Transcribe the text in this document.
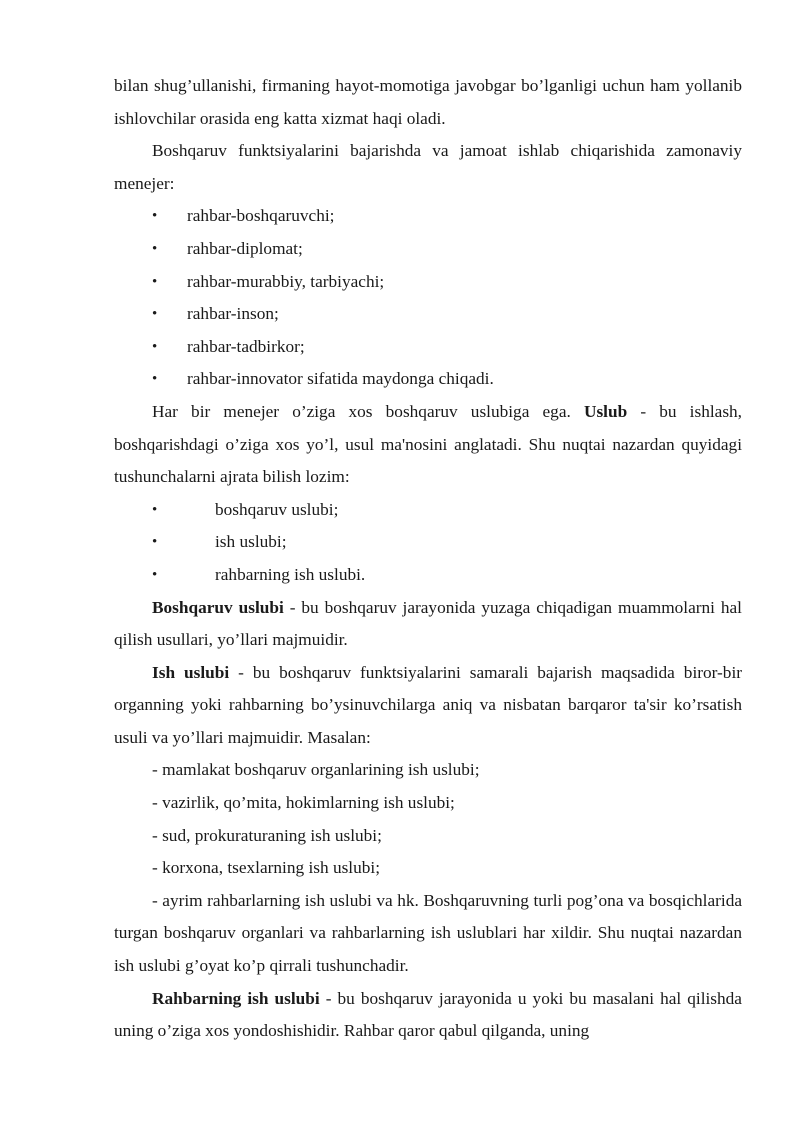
bilan shug’ullanishi, firmaning hayot-momotiga javobgar bo’lganligi uchun ham yollanib ishlovchilar orasida eng katta xizmat haqi oladi.

Boshqaruv funktsiyalarini bajarishda va jamoat ishlab chiqarishida zamonaviy menejer:

• rahbar-boshqaruvchi;
• rahbar-diplomat;
• rahbar-murabbiy, tarbiyachi;
• rahbar-inson;
• rahbar-tadbirkor;
• rahbar-innovator sifatida maydonga chiqadi.

Har bir menejer o’ziga xos boshqaruv uslubiga ega. Uslub - bu ishlash, boshqarishdagi o’ziga xos yo’l, usul ma'nosini anglatadi. Shu nuqtai nazardan quyidagi tushunchalarni ajrata bilish lozim:

•	boshqaruv uslubi;
•	ish uslubi;
•	rahbarning ish uslubi.

Boshqaruv uslubi - bu boshqaruv jarayonida yuzaga chiqadigan muammolarni hal qilish usullari, yo’llari majmuidir.

Ish uslubi - bu boshqaruv funktsiyalarini samarali bajarish maqsadida biror-bir organning yoki rahbarning bo’ysinuvchilarga aniq va nisbatan barqaror ta'sir ko’rsatish usuli va yo’llari majmuidir. Masalan:

- mamlakat boshqaruv organlarining ish uslubi;

- vazirlik, qo’mita, hokimlarning ish uslubi;

- sud, prokuraturaning ish uslubi;

- korxona, tsexlarning ish uslubi;

- ayrim rahbarlarning ish uslubi va hk. Boshqaruvning turli pog’ona va bosqichlarida turgan boshqaruv organlari va rahbarlarning ish uslublari har xildir. Shu nuqtai nazardan ish uslubi g’oyat ko’p qirrali tushunchadir.

Rahbarning ish uslubi - bu boshqaruv jarayonida u yoki bu masalani hal qilishda uning o’ziga xos yondoshishidir. Rahbar qaror qabul qilganda, uning
